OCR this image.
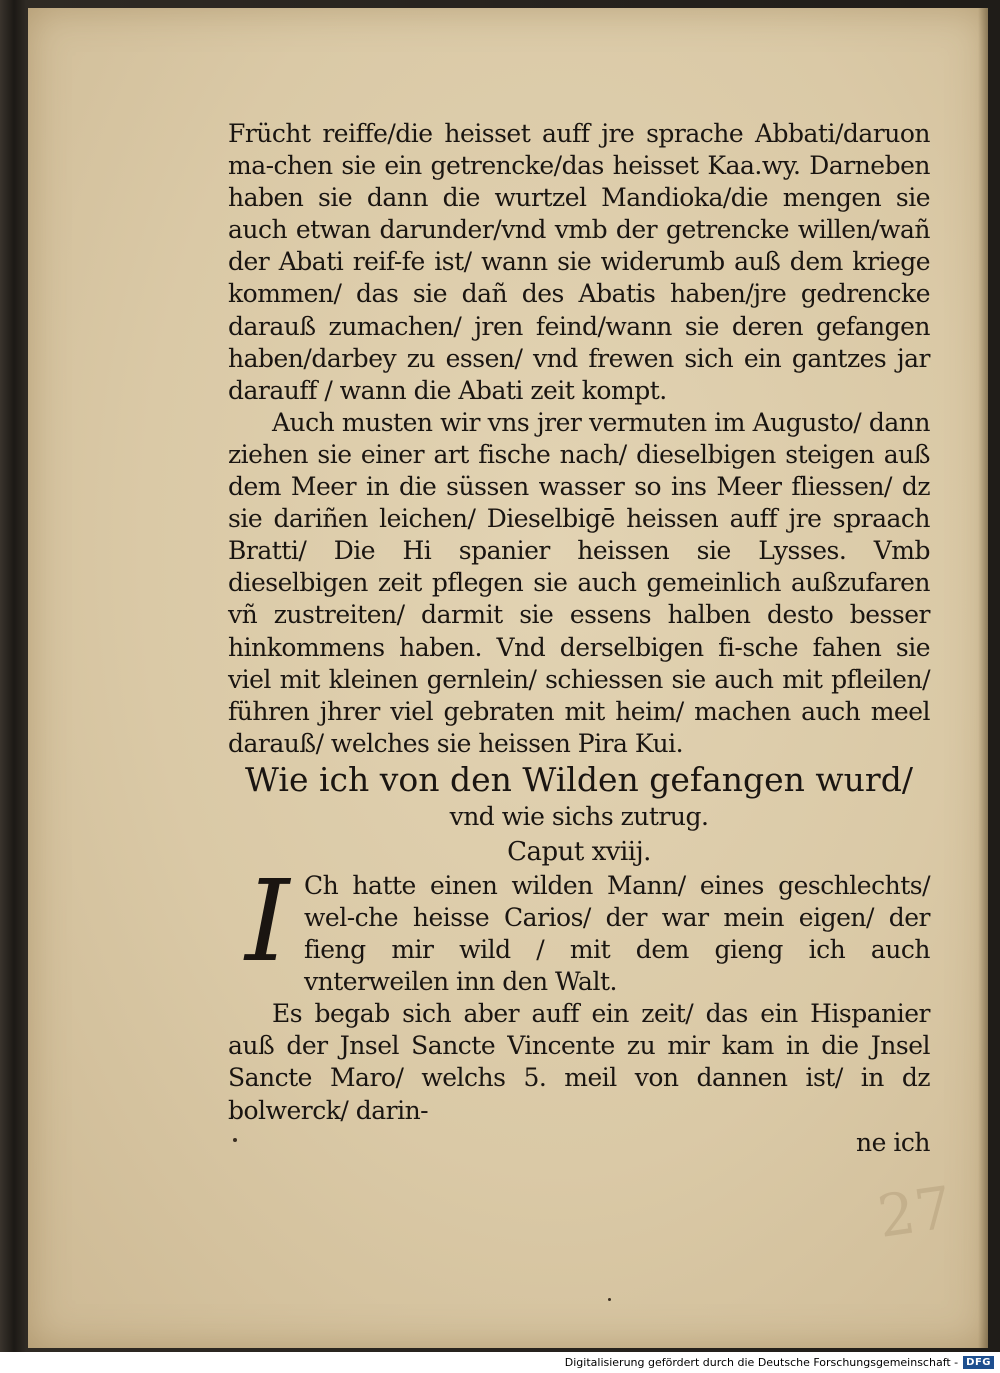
27

Frücht reiffe/die heisset auff jre sprache Abbati/daruon ma-chen sie ein getrencke/das heisset Kaa.wy. Darneben haben sie dann die wurtzel Mandioka/die mengen sie auch etwan darunder/vnd vmb der getrencke willen/wañ der Abati reif-fe ist/ wann sie widerumb auß dem kriege kommen/ das sie dañ des Abatis haben/jre gedrencke darauß zumachen/ jren feind/wann sie deren gefangen haben/darbey zu essen/ vnd frewen sich ein gantzes jar darauff / wann die Abati zeit kompt.

Auch musten wir vns jrer vermuten im Augusto/ dann ziehen sie einer art fische nach/ dieselbigen steigen auß dem Meer in die süssen wasser so ins Meer fliessen/ dz sie dariñen leichen/ Dieselbigē heissen auff jre spraach Bratti/ Die Hi spanier heissen sie Lysses. Vmb dieselbigen zeit pflegen sie auch gemeinlich außzufaren vñ zustreiten/ darmit sie essens halben desto besser hinkommens haben. Vnd derselbigen fi-sche fahen sie viel mit kleinen gernlein/ schiessen sie auch mit pfleilen/ führen jhrer viel gebraten mit heim/ machen auch meel darauß/ welches sie heissen Pira Kui.

Wie ich von den Wilden gefangen wurd/

vnd wie sichs zutrug.

Caput xviij.

I Ch hatte einen wilden Mann/ eines geschlechts/ wel-che heisse Carios/ der war mein eigen/ der fieng mir wild / mit dem gieng ich auch vnterweilen inn den Walt.

Es begab sich aber auff ein zeit/ das ein Hispanier auß der Jnsel Sancte Vincente zu mir kam in die Jnsel Sancte Maro/ welchs 5. meil von dannen ist/ in dz bolwerck/ darin-

ne ich

Digitalisierung gefördert durch die Deutsche Forschungsgemeinschaft - DFG
